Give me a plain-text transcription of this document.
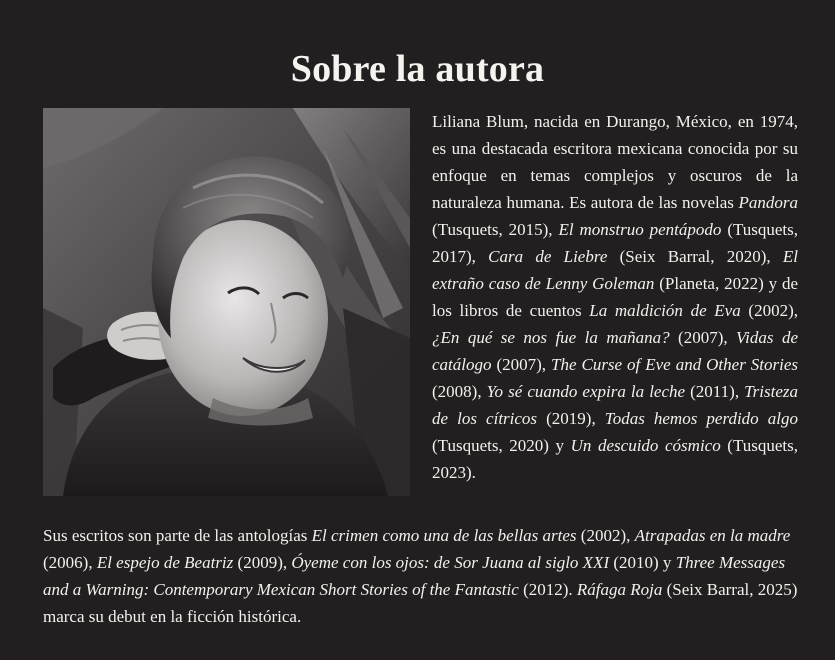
Sobre la autora

Liliana Blum, nacida en Durango, México, en 1974, es una destacada escritora mexicana conocida por su enfoque en temas complejos y oscuros de la naturaleza humana. Es autora de las novelas Pandora (Tusquets, 2015), El monstruo pentápodo (Tusquets, 2017), Cara de Liebre (Seix Barral, 2020), El extraño caso de Lenny Goleman (Planeta, 2022) y de los libros de cuentos La maldición de Eva (2002), ¿En qué se nos fue la mañana? (2007), Vidas de catálogo (2007), The Curse of Eve and Other Stories (2008), Yo sé cuando expira la leche (2011), Tristeza de los cítricos (2019), Todas hemos perdido algo (Tusquets, 2020) y Un descuido cósmico (Tusquets, 2023).

Sus escritos son parte de las antologías El crimen como una de las bellas artes (2002), Atrapadas en la madre (2006), El espejo de Beatriz (2009), Óyeme con los ojos: de Sor Juana al siglo XXI (2010) y Three Messages and a Warning: Contemporary Mexican Short Stories of the Fantastic (2012). Ráfaga Roja (Seix Barral, 2025) marca su debut en la ficción histórica.
